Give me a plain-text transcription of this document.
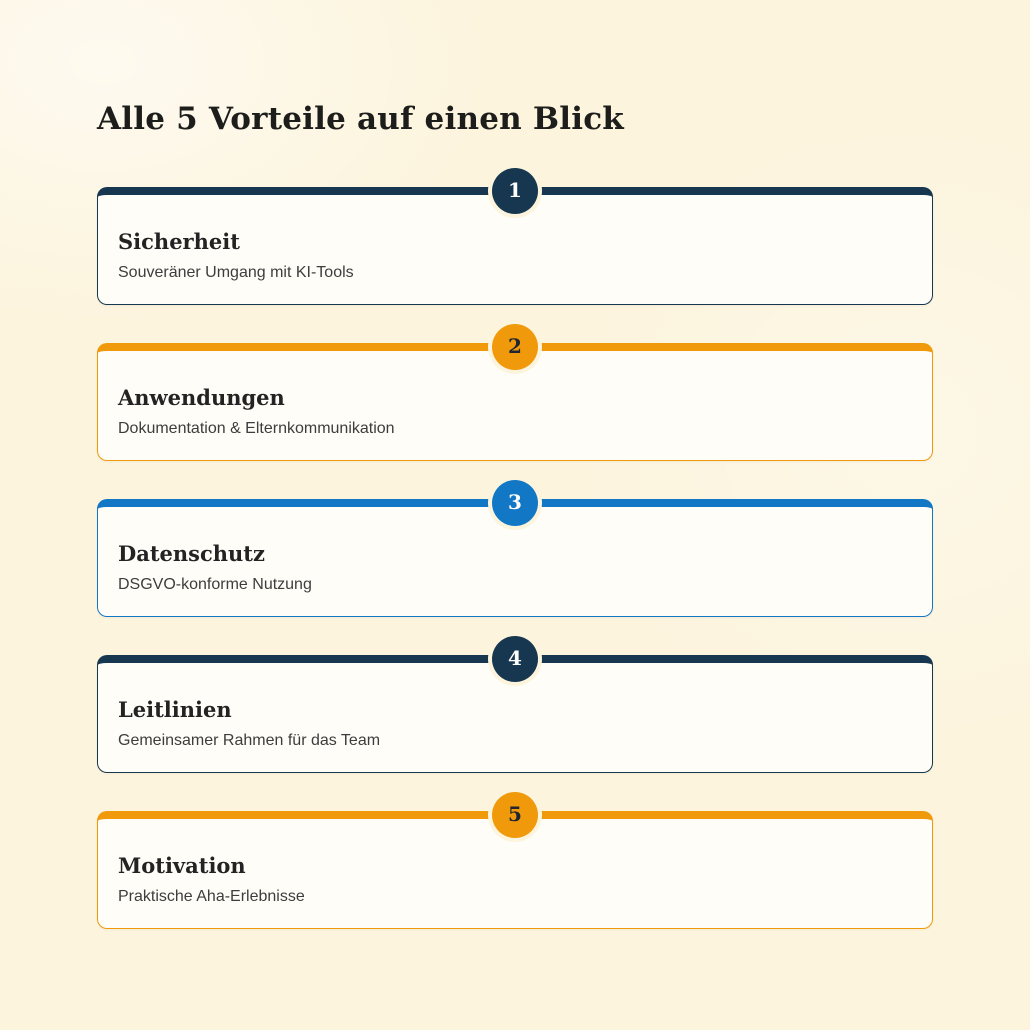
Alle 5 Vorteile auf einen Blick
1
Sicherheit

Souveräner Umgang mit KI-Tools

2
Anwendungen

Dokumentation & Elternkommunikation

3
Datenschutz

DSGVO-konforme Nutzung

4
Leitlinien

Gemeinsamer Rahmen für das Team

5
Motivation

Praktische Aha-Erlebnisse
